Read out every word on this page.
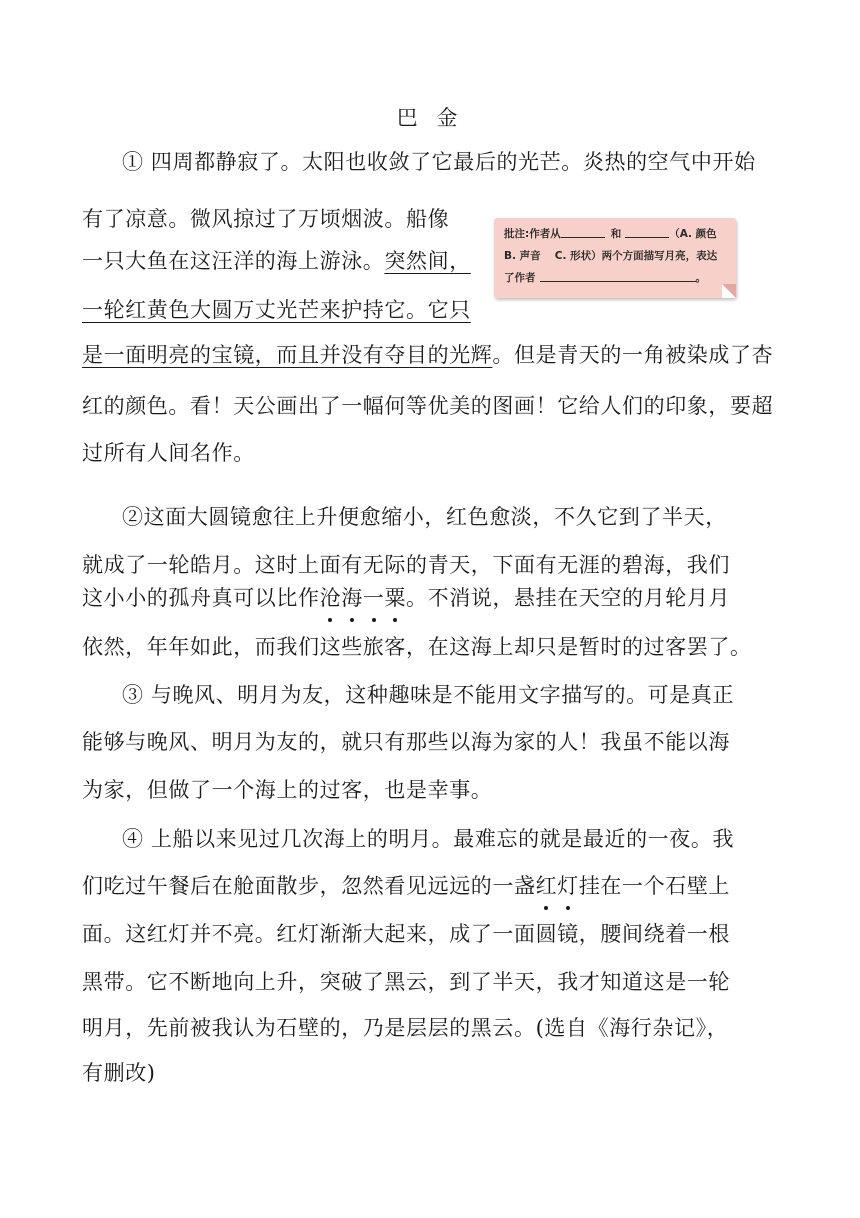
巴 金
① 四周都静寂了。太阳也收敛了它最后的光芒。炎热的空气中开始
有了凉意。微风掠过了万顷烟波。船像
一只大鱼在这汪洋的海上游泳。突然间，
一轮红黄色大圆万丈光芒来护持它。它只
是一面明亮的宝镜，而且并没有夺目的光辉。但是青天的一角被染成了杏
红的颜色。看！天公画出了一幅何等优美的图画！它给人们的印象，要超
过所有人间名作。
批注:作者从	和	（A. 颜色
B. 声音　 C. 形状）两个方面描写月亮，表达
了作者	。
②这面大圆镜愈往上升便愈缩小，红色愈淡，不久它到了半天，
就成了一轮皓月。这时上面有无际的青天，下面有无涯的碧海，我们
这小小的孤舟真可以比作沧海一粟。不消说，悬挂在天空的月轮月月
依然，年年如此，而我们这些旅客，在这海上却只是暂时的过客罢了。
③ 与晚风、明月为友，这种趣味是不能用文字描写的。可是真正
能够与晚风、明月为友的，就只有那些以海为家的人！我虽不能以海
为家，但做了一个海上的过客，也是幸事。
④ 上船以来见过几次海上的明月。最难忘的就是最近的一夜。我
们吃过午餐后在舱面散步，忽然看见远远的一盏红灯挂在一个石壁上
面。这红灯并不亮。红灯渐渐大起来，成了一面圆镜，腰间绕着一根
黑带。它不断地向上升，突破了黑云，到了半天，我才知道这是一轮
明月，先前被我认为石壁的，乃是层层的黑云。(选自《海行杂记》，
有删改)
